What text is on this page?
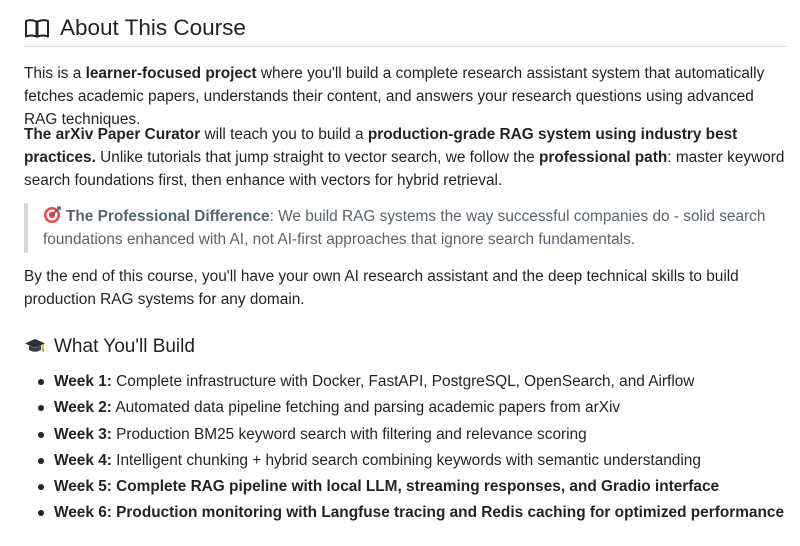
About This Course

This is a learner-focused project where you'll build a complete research assistant system that automatically fetches academic papers, understands their content, and answers your research questions using advanced RAG techniques.

The arXiv Paper Curator will teach you to build a production-grade RAG system using industry best practices. Unlike tutorials that jump straight to vector search, we follow the professional path: master keyword search foundations first, then enhance with vectors for hybrid retrieval.

The Professional Difference: We build RAG systems the way successful companies do - solid search foundations enhanced with AI, not AI-first approaches that ignore search fundamentals.

By the end of this course, you'll have your own AI research assistant and the deep technical skills to build production RAG systems for any domain.

What You'll Build
Week 1: Complete infrastructure with Docker, FastAPI, PostgreSQL, OpenSearch, and Airflow
Week 2: Automated data pipeline fetching and parsing academic papers from arXiv
Week 3: Production BM25 keyword search with filtering and relevance scoring
Week 4: Intelligent chunking + hybrid search combining keywords with semantic understanding
Week 5: Complete RAG pipeline with local LLM, streaming responses, and Gradio interface
Week 6: Production monitoring with Langfuse tracing and Redis caching for optimized performance
